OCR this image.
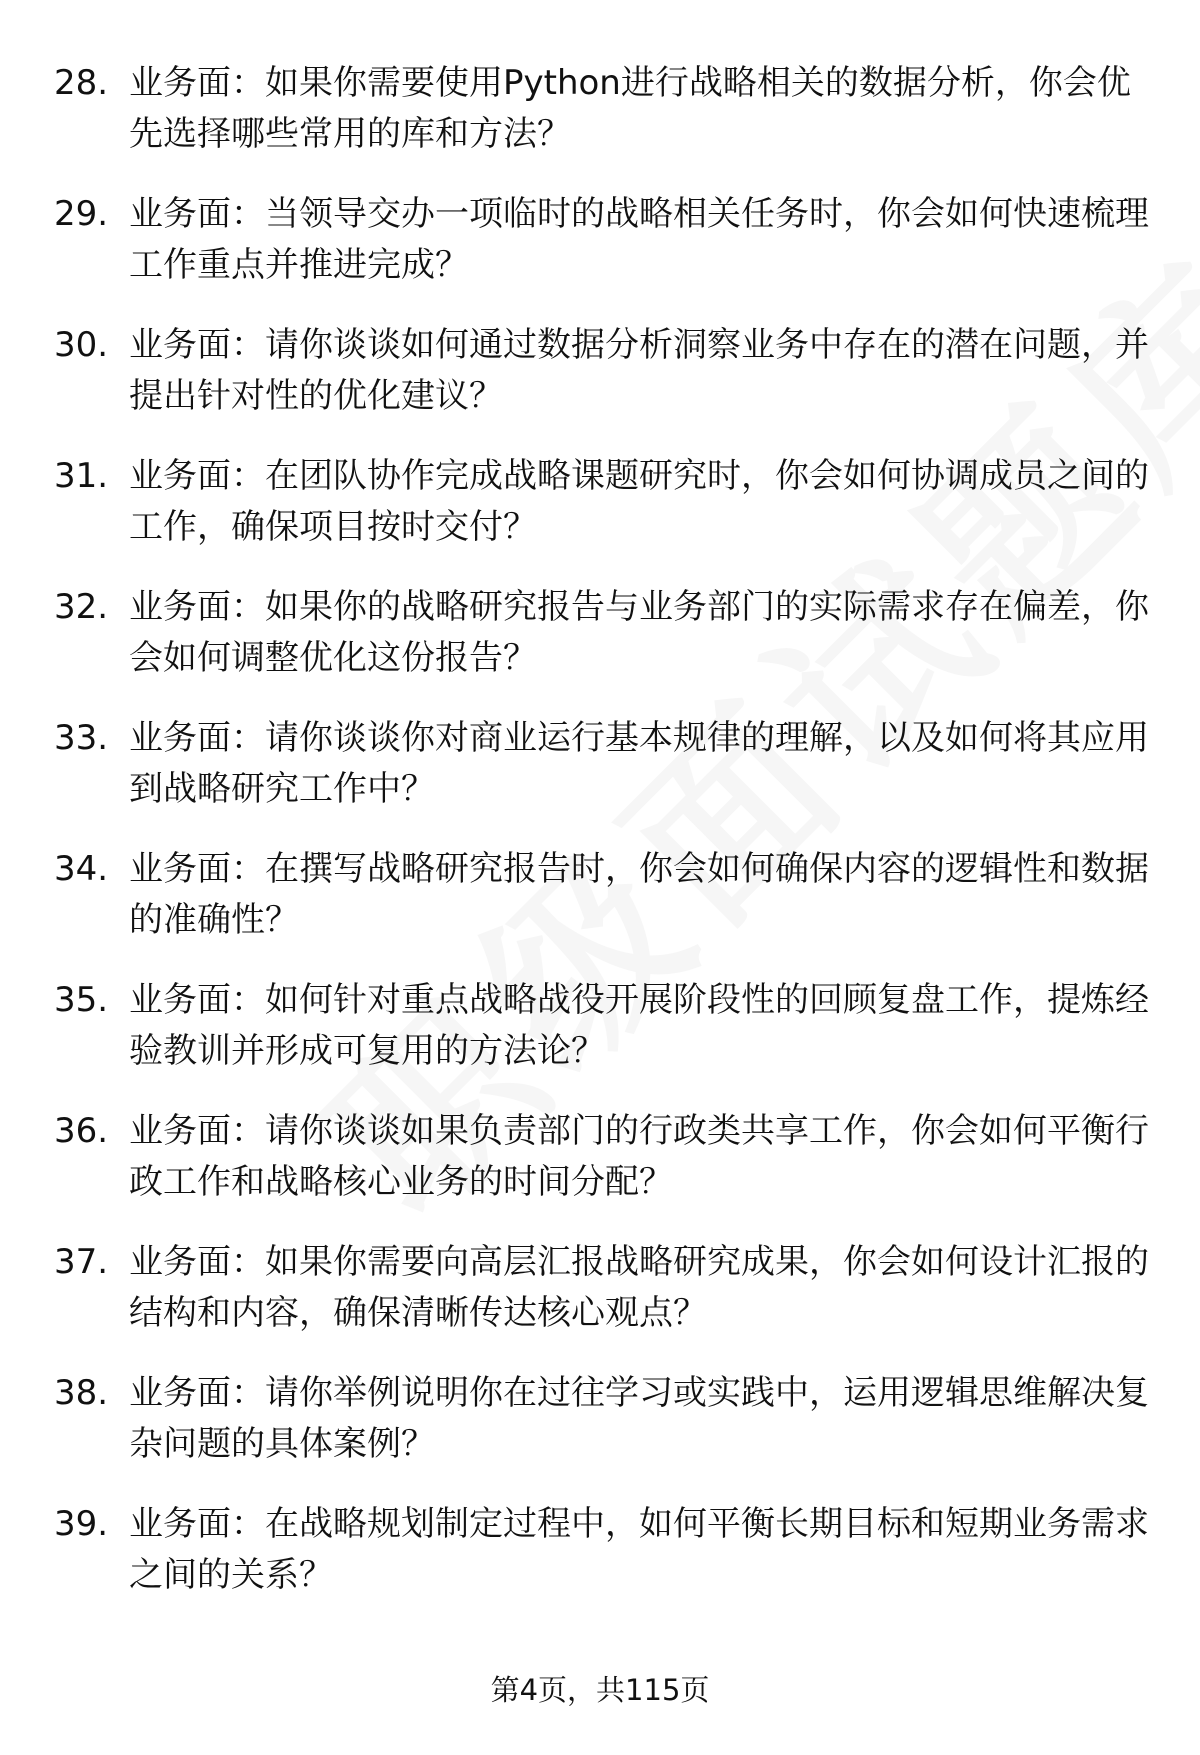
28. 业务面：如果你需要使用Python进行战略相关的数据分析，你会优先选择哪些常用的库和方法？
29. 业务面：当领导交办一项临时的战略相关任务时，你会如何快速梳理工作重点并推进完成？
30. 业务面：请你谈谈如何通过数据分析洞察业务中存在的潜在问题，并提出针对性的优化建议？
31. 业务面：在团队协作完成战略课题研究时，你会如何协调成员之间的工作，确保项目按时交付？
32. 业务面：如果你的战略研究报告与业务部门的实际需求存在偏差，你会如何调整优化这份报告？
33. 业务面：请你谈谈你对商业运行基本规律的理解，以及如何将其应用到战略研究工作中？
34. 业务面：在撰写战略研究报告时，你会如何确保内容的逻辑性和数据的准确性？
35. 业务面：如何针对重点战略战役开展阶段性的回顾复盘工作，提炼经验教训并形成可复用的方法论？
36. 业务面：请你谈谈如果负责部门的行政类共享工作，你会如何平衡行政工作和战略核心业务的时间分配？
37. 业务面：如果你需要向高层汇报战略研究成果，你会如何设计汇报的结构和内容，确保清晰传达核心观点？
38. 业务面：请你举例说明你在过往学习或实践中，运用逻辑思维解决复杂问题的具体案例？
39. 业务面：在战略规划制定过程中，如何平衡长期目标和短期业务需求之间的关系？
第4页，共115页
